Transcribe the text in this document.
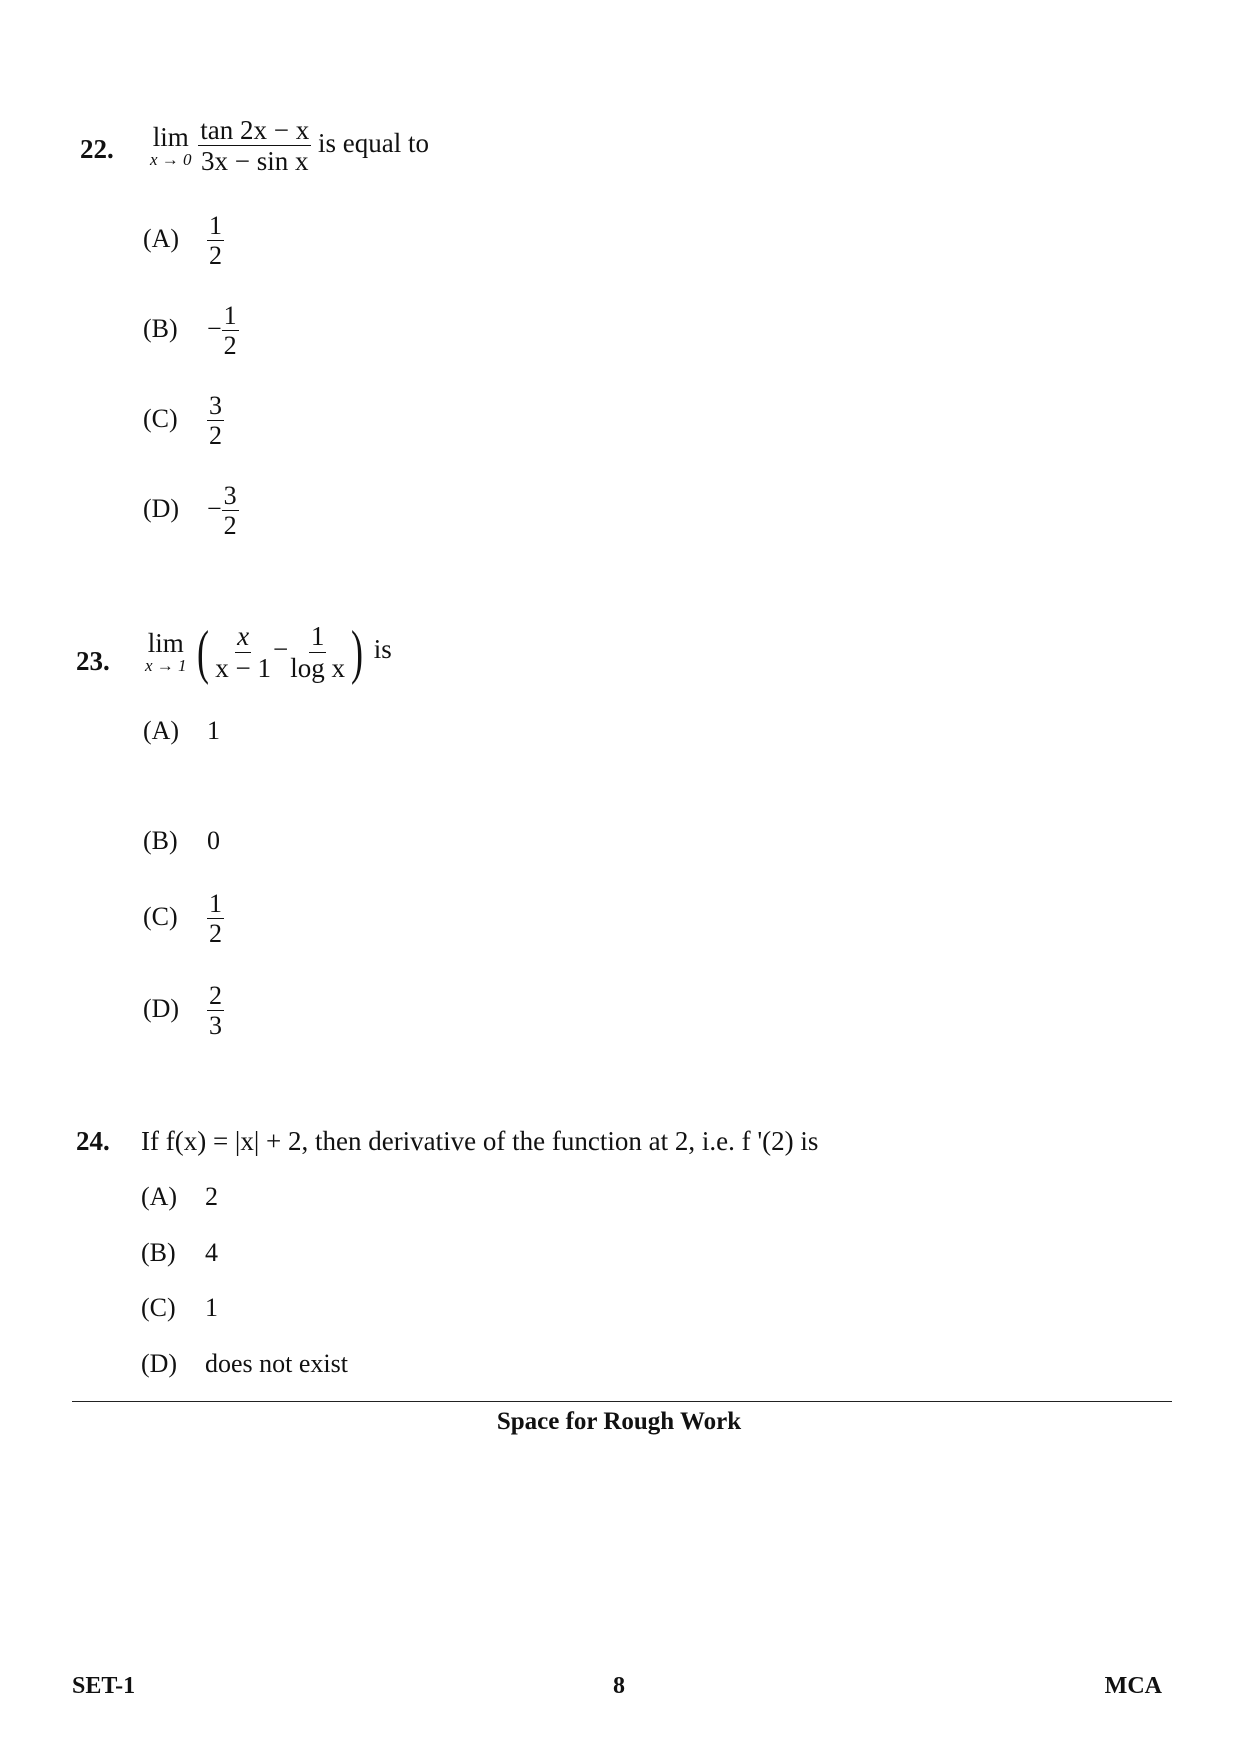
22. lim
x → 0
$\frac{\tan 2x - x}{\text{3x − sin x}}$ is equal to
$(A) \frac{1}{2}$
$(B) - \frac{1}{2}$
$(C) \frac{3}{2}$
$(D) - \frac{3}{2}$
23.
lim
x → 1 ( $\frac{x}{x - 1} - \frac{1}{\text{log x}}$ ) is
(A) 1
(B) 0
$(C) \frac{1}{2}$
$(D) \frac{2}{3}$
24. If f(x) = |x| + 2, then derivative of the function at 2, i.e. f '(2) is
(A) 2
(B) 4
(C) 1
(D) does not exist
Space for Rough Work
SET-1	8	MCA
